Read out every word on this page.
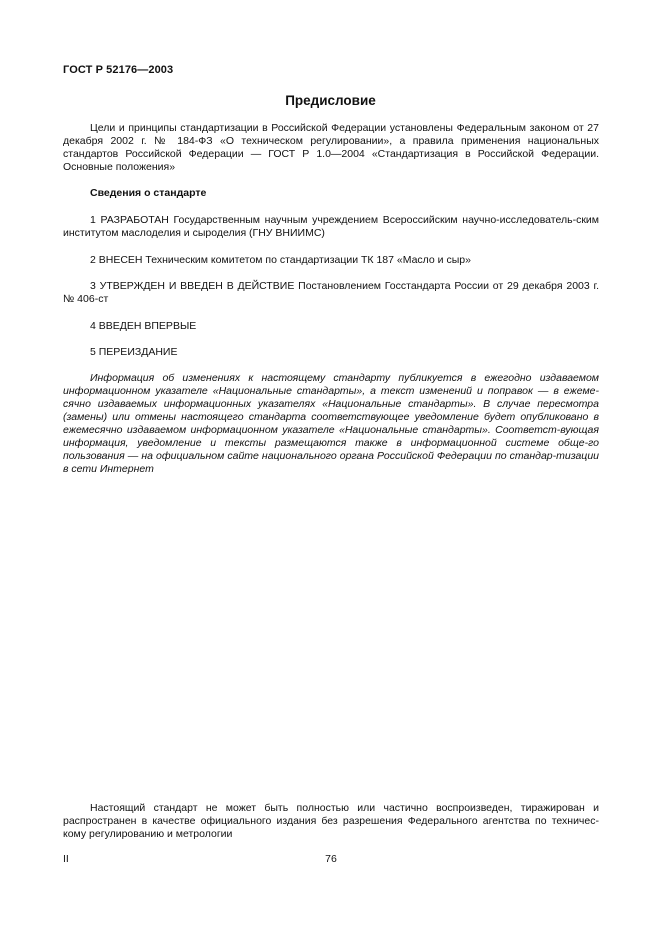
ГОСТ Р 52176—2003
Предисловие

Цели и принципы стандартизации в Российской Федерации установлены Федеральным законом от 27 декабря 2002 г. № 184-ФЗ «О техническом регулировании», а правила применения национальных стандартов Российской Федерации — ГОСТ Р 1.0—2004 «Стандартизация в Российской Федерации. Основные положения»

Сведения о стандарте

1 РАЗРАБОТАН Государственным научным учреждением Всероссийским научно-исследователь-ским институтом маслоделия и сыроделия (ГНУ ВНИИМС)

2 ВНЕСЕН Техническим комитетом по стандартизации ТК 187 «Масло и сыр»

3 УТВЕРЖДЕН И ВВЕДЕН В ДЕЙСТВИЕ Постановлением Госстандарта России от 29 декабря 2003 г. № 406-ст

4 ВВЕДЕН ВПЕРВЫЕ

5 ПЕРЕИЗДАНИЕ

Информация об изменениях к настоящему стандарту публикуется в ежегодно издаваемом информационном указателе «Национальные стандарты», а текст изменений и поправок — в ежеме-сячно издаваемых информационных указателях «Национальные стандарты». В случае пересмотра (замены) или отмены настоящего стандарта соответствующее уведомление будет опубликовано в ежемесячно издаваемом информационном указателе «Национальные стандарты». Соответст-вующая информация, уведомление и тексты размещаются также в информационной системе обще-го пользования — на официальном сайте национального органа Российской Федерации по стандар-тизации в сети Интернет

Настоящий стандарт не может быть полностью или частично воспроизведен, тиражирован и распространен в качестве официального издания без разрешения Федерального агентства по техничес-кому регулированию и метрологии

II	76
